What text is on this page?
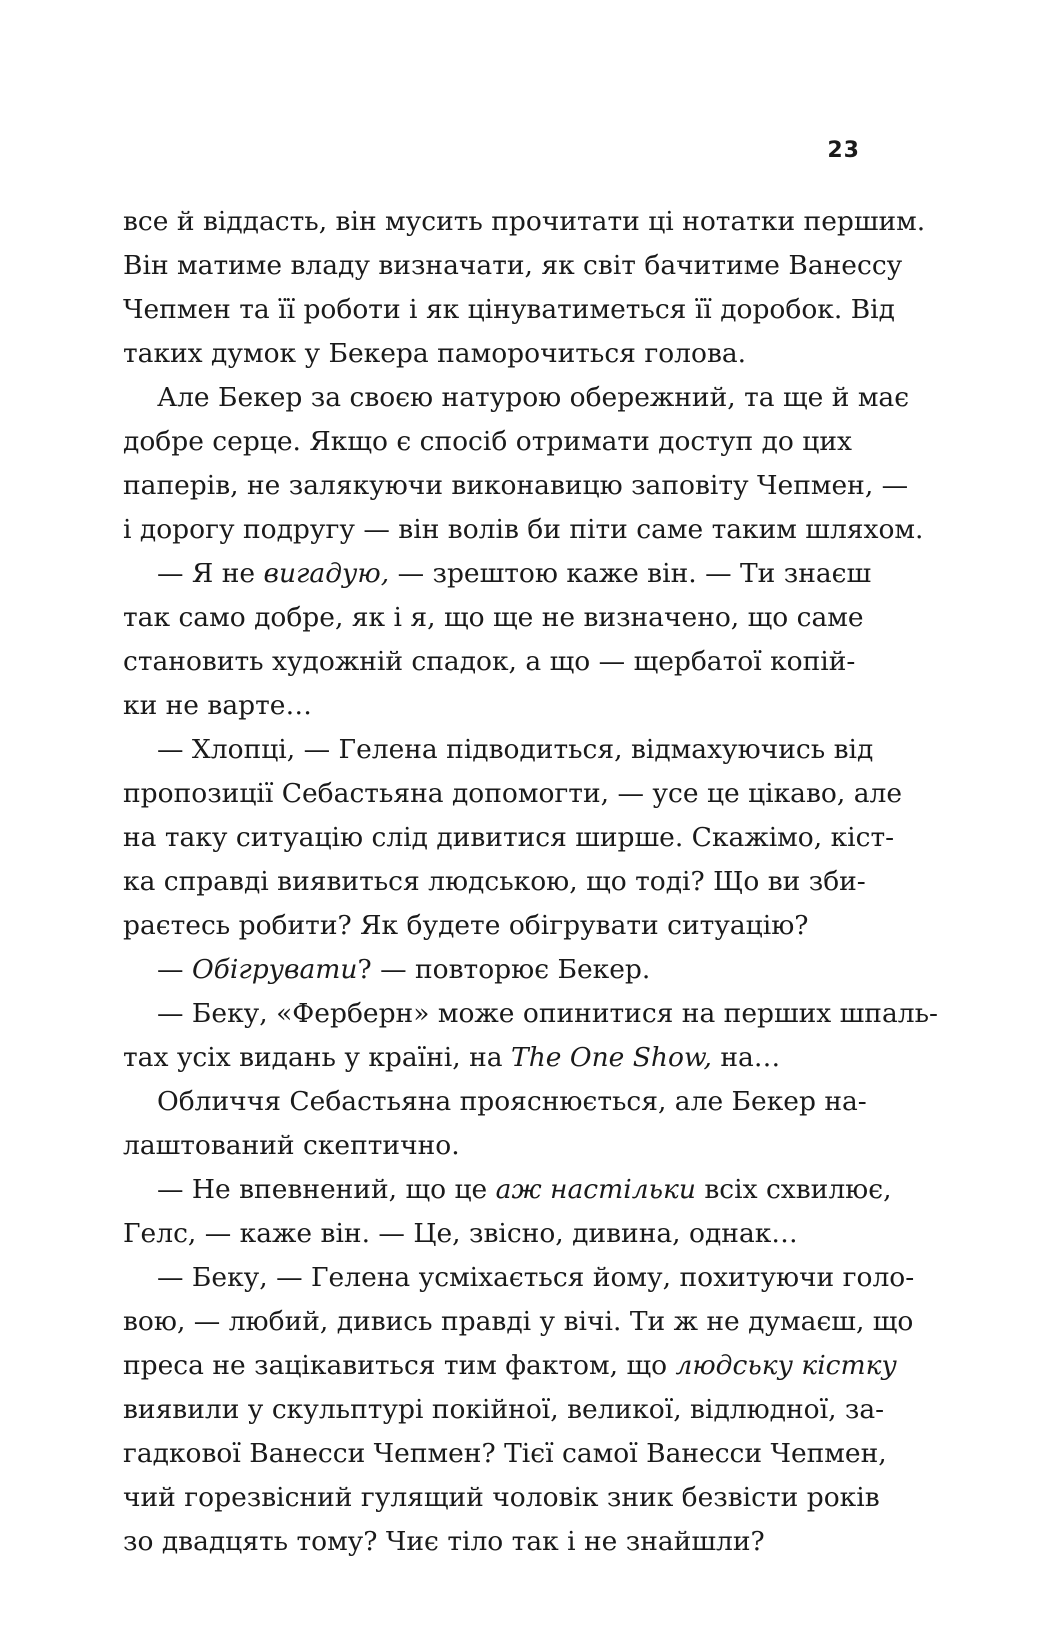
23
все й віддасть, він мусить прочитати ці нотатки першим.
Він матиме владу визначати, як світ бачитиме Ванессу
Чепмен та її роботи і як цінуватиметься її доробок. Від
таких думок у Бекера паморочиться голова.
Але Бекер за своєю натурою обережний, та ще й має
добре серце. Якщо є спосіб отримати доступ до цих
паперів, не залякуючи виконавицю заповіту Чепмен, —
і дорогу подругу — він волів би піти саме таким шляхом.
— Я не вигадую, — зрештою каже він. — Ти знаєш
так само добре, як і я, що ще не визначено, що саме
становить художній спадок, а що — щербатої копій-
ки не варте…
— Хлопці, — Гелена підводиться, відмахуючись від
пропозиції Себастьяна допомогти, — усе це цікаво, але
на таку ситуацію слід дивитися ширше. Скажімо, кіст-
ка справді виявиться людською, що тоді? Що ви зби-
раєтесь робити? Як будете обігрувати ситуацію?
— Обігрувати? — повторює Бекер.
— Беку, «Ферберн» може опинитися на перших шпаль-
тах усіх видань у країні, на The One Show, на…
Обличчя Себастьяна прояснюється, але Бекер на-
лаштований скептично.
— Не впевнений, що це аж настільки всіх схвилює,
Гелс, — каже він. — Це, звісно, дивина, однак…
— Беку, — Гелена усміхається йому, похитуючи голо-
вою, — любий, дивись правді у вічі. Ти ж не думаєш, що
преса не зацікавиться тим фактом, що людську кістку
виявили у скульптурі покійної, великої, відлюдної, за-
гадкової Ванесси Чепмен? Тієї самої Ванесси Чепмен,
чий горезвісний гулящий чоловік зник безвісти років
зо двадцять тому? Чиє тіло так і не знайшли?
